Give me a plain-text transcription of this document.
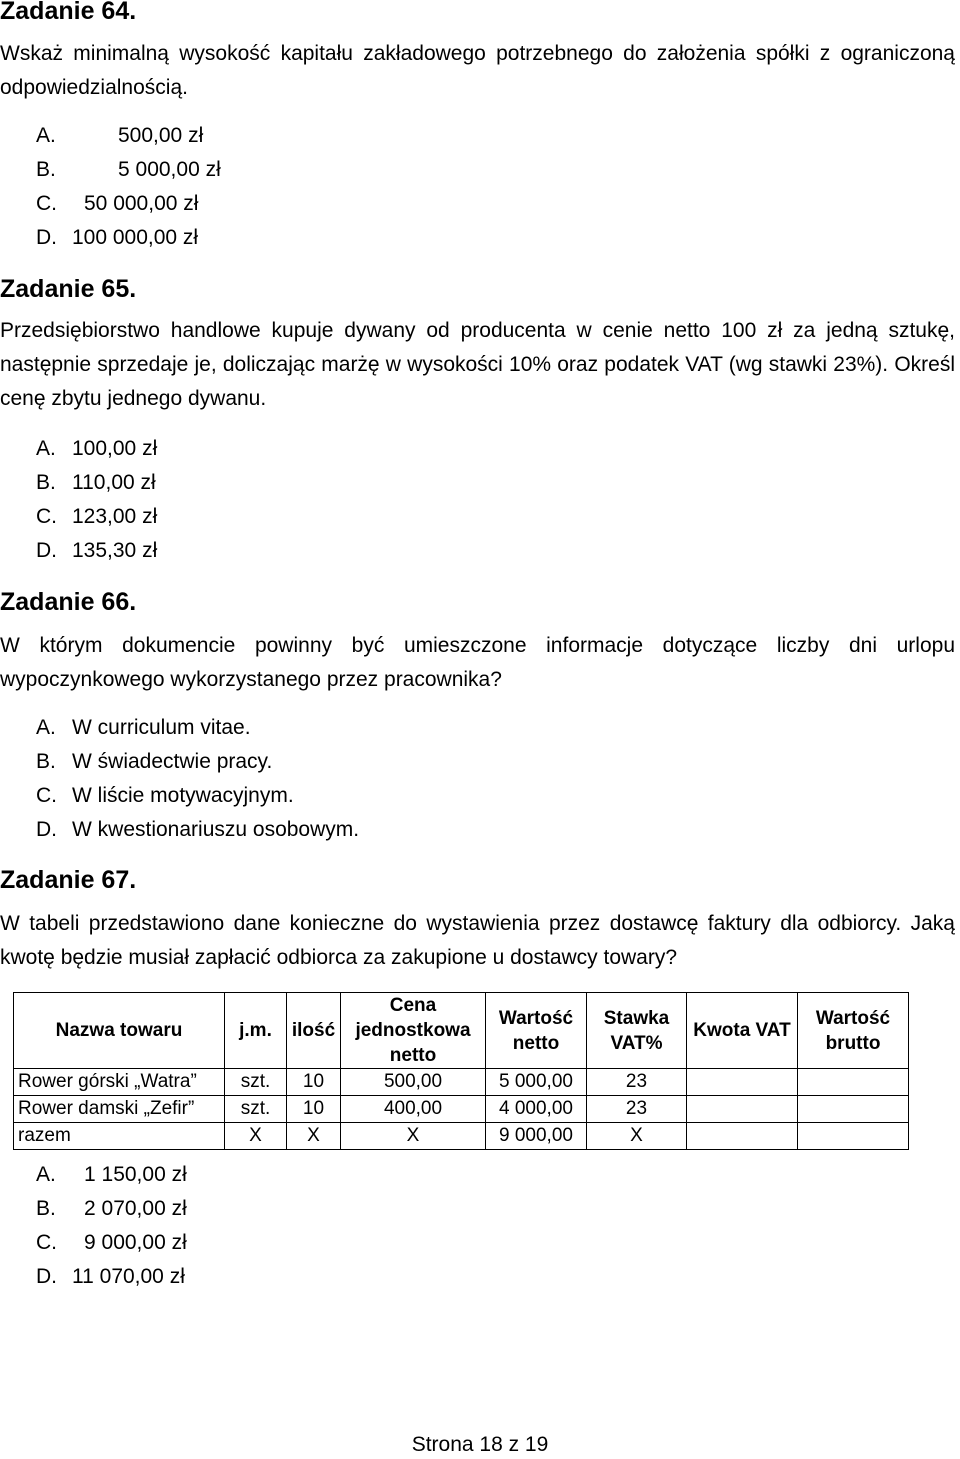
Zadanie 64.
Wskaż minimalną wysokość kapitału zakładowego potrzebnego do założenia spółki z ograniczoną odpowiedzialnością.
A.	500,00 zł
B.	5 000,00 zł
C. 50 000,00 zł
D. 100 000,00 zł
Zadanie 65.
Przedsiębiorstwo handlowe kupuje dywany od producenta w cenie netto 100 zł za jedną sztukę, następnie sprzedaje je, doliczając marżę w wysokości 10% oraz podatek VAT (wg stawki 23%). Określ cenę zbytu jednego dywanu.
A. 100,00 zł
B. 110,00 zł
C. 123,00 zł
D. 135,30 zł
Zadanie 66.
W którym dokumencie powinny być umieszczone informacje dotyczące liczby dni urlopu wypoczynkowego wykorzystanego przez pracownika?
A. W curriculum vitae.
B. W świadectwie pracy.
C. W liście motywacyjnym.
D. W kwestionariuszu osobowym.
Zadanie 67.
W tabeli przedstawiono dane konieczne do wystawienia przez dostawcę faktury dla odbiorcy. Jaką kwotę będzie musiał zapłacić odbiorca za zakupione u dostawcy towary?
Nazwa towaru	j.m.	ilość	Cena jednostkowa netto	Wartość netto	Stawka VAT%	Kwota VAT	Wartość brutto
Rower górski „Watra”	szt.	10	500,00	5 000,00	23		
Rower damski „Zefir”	szt.	10	400,00	4 000,00	23		
razem	X	X	X	9 000,00	X		
A. 1 150,00 zł
B. 2 070,00 zł
C. 9 000,00 zł
D. 11 070,00 zł
Strona 18 z 19
